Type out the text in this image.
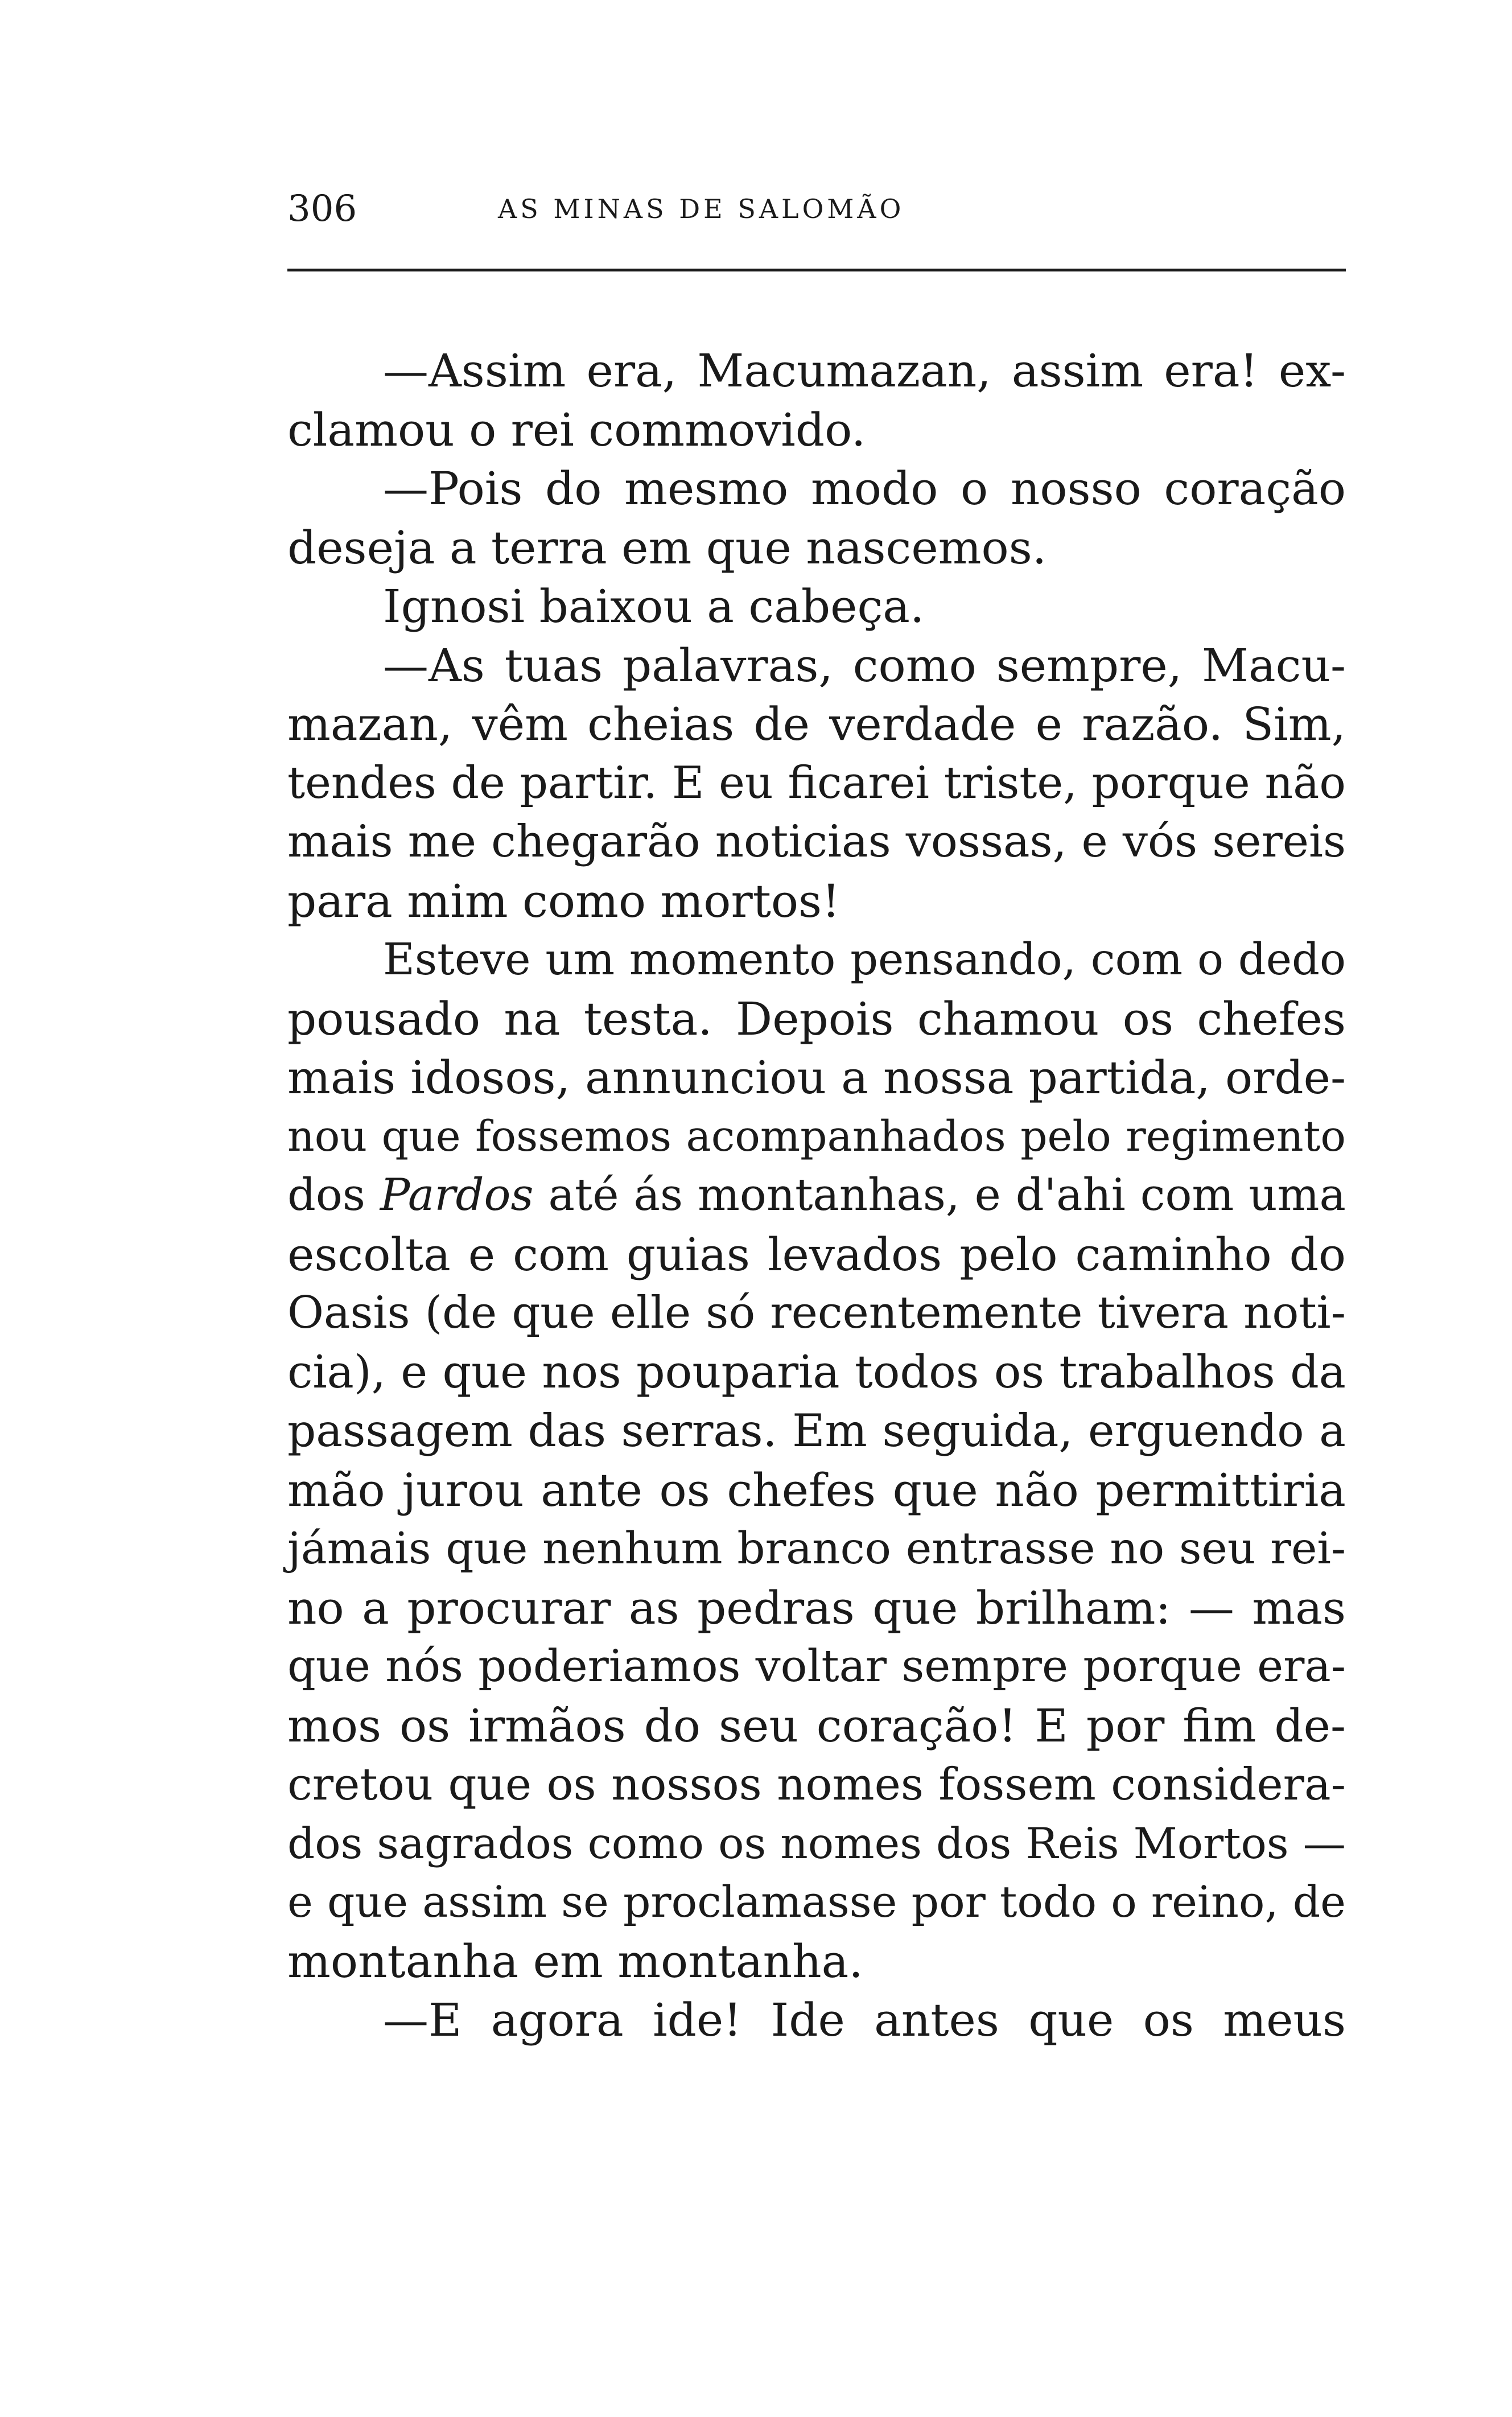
306	AS MINAS DE SALOMÃO
—Assim era, Macumazan, assim era! ex-
clamou o rei commovido.
—Pois do mesmo modo o nosso coração
deseja a terra em que nascemos.
Ignosi baixou a cabeça.
—As tuas palavras, como sempre, Macu-
mazan, vêm cheias de verdade e razão. Sim,
tendes de partir. E eu ficarei triste, porque não
mais me chegarão noticias vossas, e vós sereis
para mim como mortos!
Esteve um momento pensando, com o dedo
pousado na testa. Depois chamou os chefes
mais idosos, annunciou a nossa partida, orde-
nou que fossemos acompanhados pelo regimento
dos Pardos até ás montanhas, e d'ahi com uma
escolta e com guias levados pelo caminho do
Oasis (de que elle só recentemente tivera noti-
cia), e que nos pouparia todos os trabalhos da
passagem das serras. Em seguida, erguendo a
mão jurou ante os chefes que não permittiria
jámais que nenhum branco entrasse no seu rei-
no a procurar as pedras que brilham: — mas
que nós poderiamos voltar sempre porque era-
mos os irmãos do seu coração! E por fim de-
cretou que os nossos nomes fossem considera-
dos sagrados como os nomes dos Reis Mortos —
e que assim se proclamasse por todo o reino, de
montanha em montanha.
—E agora ide! Ide antes que os meus
